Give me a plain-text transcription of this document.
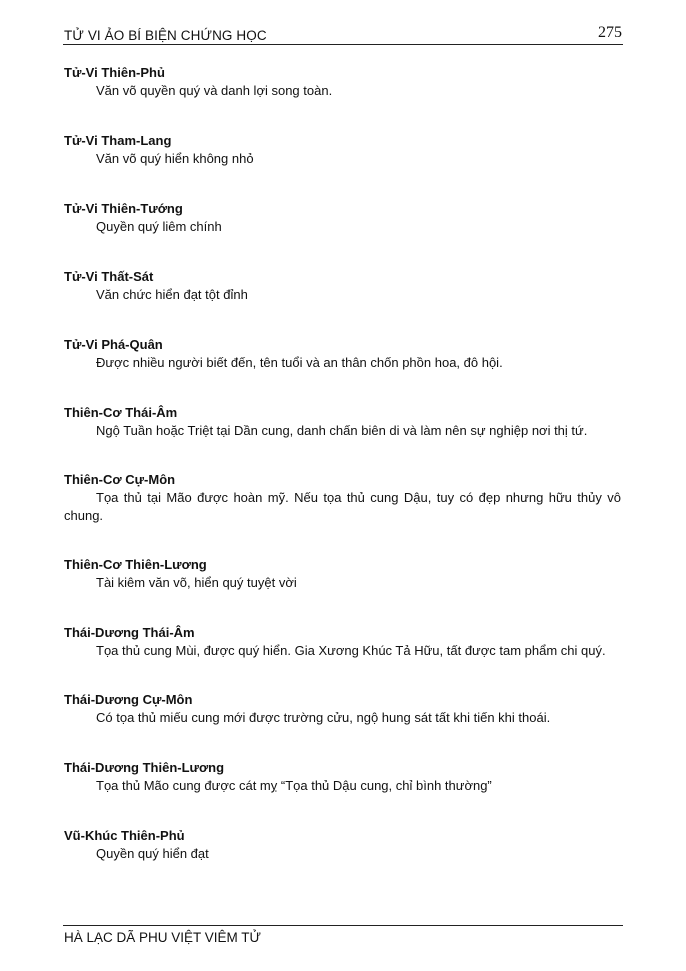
TỬ VI ẢO BÍ BIỆN CHỨNG HỌC	275
Tử-Vi Thiên-Phủ

Văn võ quyền quý và danh lợi song toàn.

Tử-Vi Tham-Lang

Văn võ quý hiển không nhỏ

Tử-Vi Thiên-Tướng

Quyền quý liêm chính

Tử-Vi Thất-Sát

Văn chức hiển đạt tột đỉnh

Tử-Vi Phá-Quân

Được nhiều người biết đến, tên tuổi và an thân chốn phồn hoa, đô hội.

Thiên-Cơ Thái-Âm

Ngộ Tuần hoặc Triệt tại Dần cung, danh chấn biên di và làm nên sự nghiệp nơi thị tứ.

Thiên-Cơ Cự-Môn

Tọa thủ tại Mão được hoàn mỹ. Nếu tọa thủ cung Dậu, tuy có đẹp nhưng hữu thủy vô chung.

Thiên-Cơ Thiên-Lương

Tài kiêm văn võ, hiển quý tuyệt vời

Thái-Dương Thái-Âm

Tọa thủ cung Mùi, được quý hiển. Gia Xương Khúc Tả Hữu, tất được tam phẩm chi quý.

Thái-Dương Cự-Môn

Có tọa thủ miếu cung mới được trường cửu, ngộ hung sát tất khi tiến khi thoái.

Thái-Dương Thiên-Lương

Tọa thủ Mão cung được cát mỵ “Tọa thủ Dậu cung, chỉ bình thường”

Vũ-Khúc Thiên-Phủ

Quyền quý hiển đạt

HÀ LẠC DÃ PHU VIỆT VIÊM TỬ
